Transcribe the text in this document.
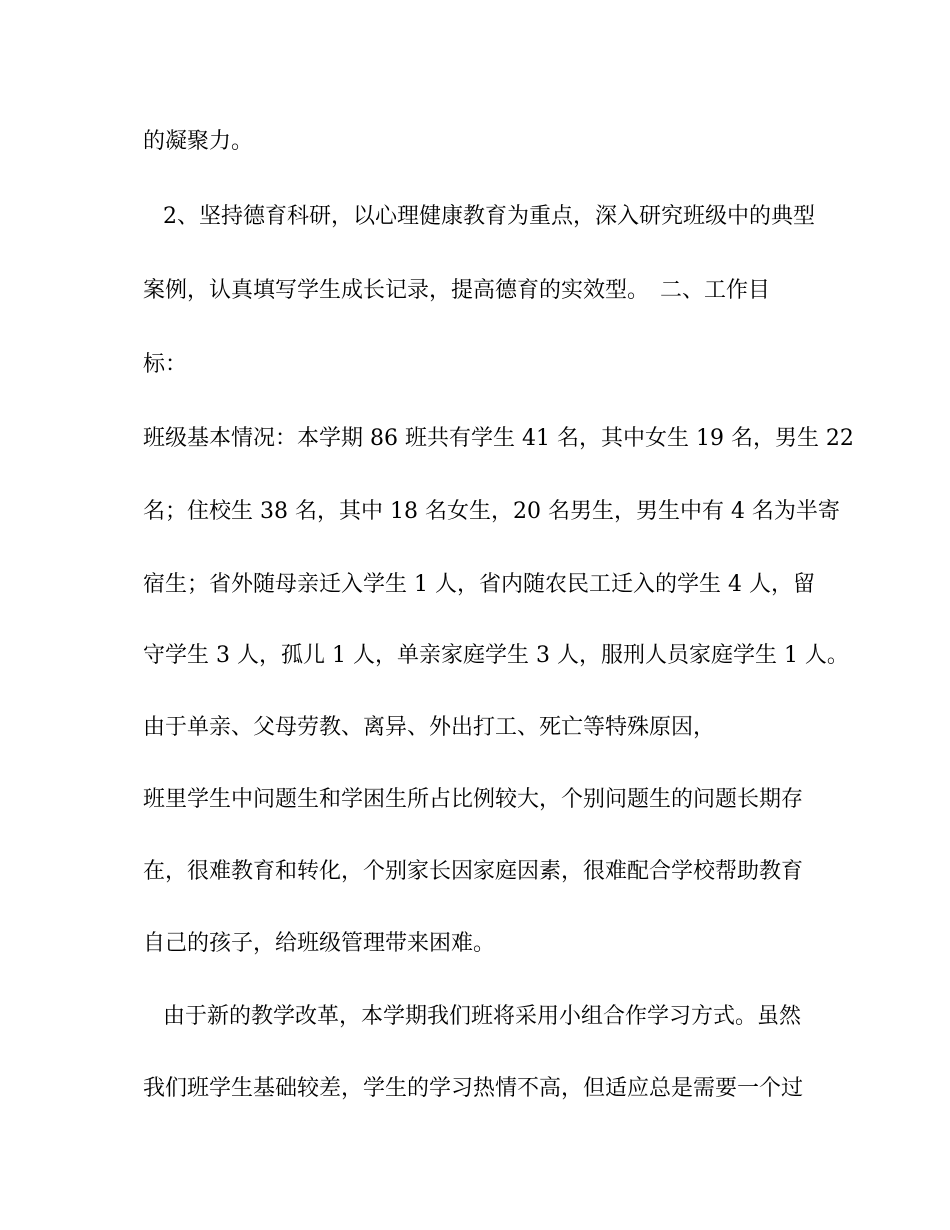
的凝聚力。

2、坚持德育科研，以心理健康教育为重点，深入研究班级中的典型

案例，认真填写学生成长记录，提高德育的实效型。　二、工作目

标：

班级基本情况：本学期 86 班共有学生 41 名，其中女生 19 名，男生 22

名；住校生 38 名，其中 18 名女生，20 名男生，男生中有 4 名为半寄

宿生；省外随母亲迁入学生 1 人，省内随农民工迁入的学生 4 人，留

守学生 3 人，孤儿 1 人，单亲家庭学生 3 人，服刑人员家庭学生 1 人。

由于单亲、父母劳教、离异、外出打工、死亡等特殊原因，

班里学生中问题生和学困生所占比例较大，个别问题生的问题长期存

在，很难教育和转化，个别家长因家庭因素，很难配合学校帮助教育

自己的孩子，给班级管理带来困难。

由于新的教学改革，本学期我们班将采用小组合作学习方式。虽然

我们班学生基础较差，学生的学习热情不高，但适应总是需要一个过
